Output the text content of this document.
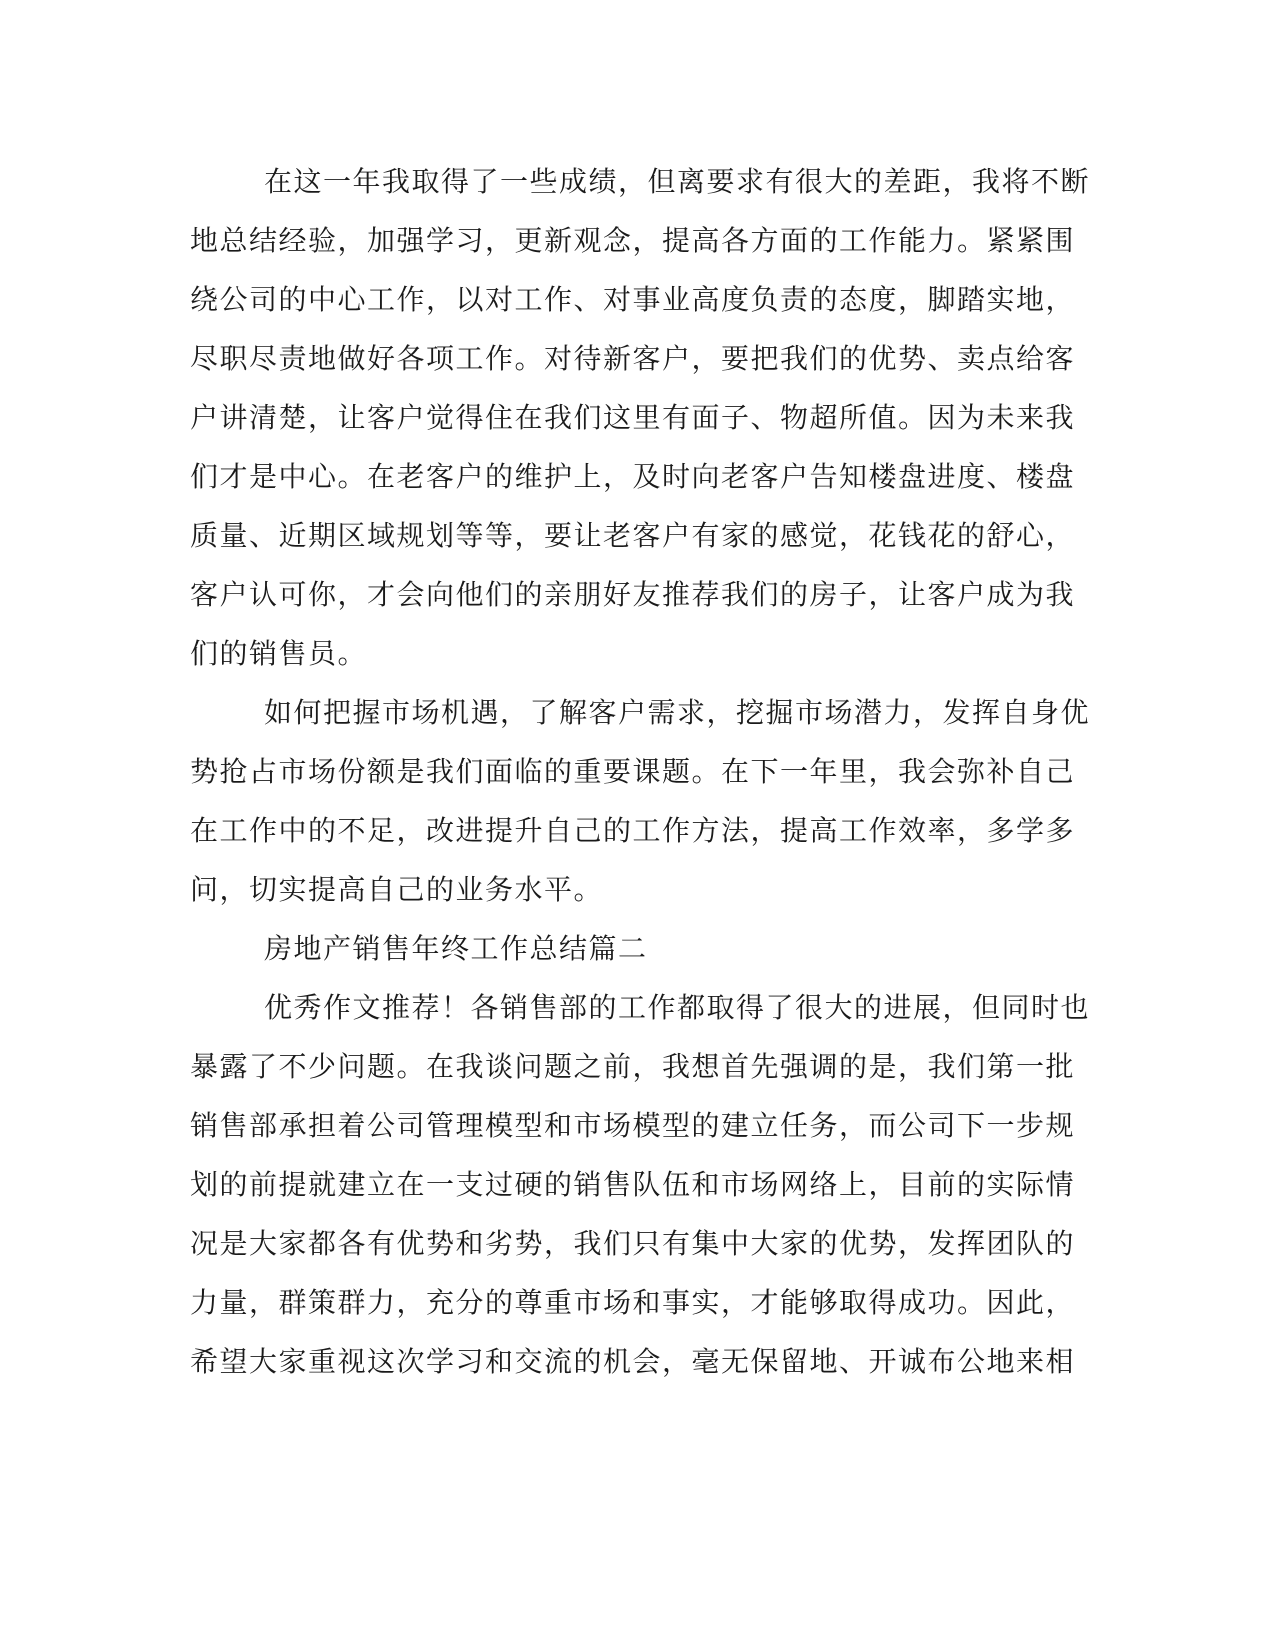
在这一年我取得了一些成绩，但离要求有很大的差距，我将不断
地总结经验，加强学习，更新观念，提高各方面的工作能力。紧紧围
绕公司的中心工作，以对工作、对事业高度负责的态度，脚踏实地，
尽职尽责地做好各项工作。对待新客户，要把我们的优势、卖点给客
户讲清楚，让客户觉得住在我们这里有面子、物超所值。因为未来我
们才是中心。在老客户的维护上，及时向老客户告知楼盘进度、楼盘
质量、近期区域规划等等，要让老客户有家的感觉，花钱花的舒心，
客户认可你，才会向他们的亲朋好友推荐我们的房子，让客户成为我
们的销售员。
如何把握市场机遇，了解客户需求，挖掘市场潜力，发挥自身优
势抢占市场份额是我们面临的重要课题。在下一年里，我会弥补自己
在工作中的不足，改进提升自己的工作方法，提高工作效率，多学多
问，切实提高自己的业务水平。
房地产销售年终工作总结篇二
优秀作文推荐！各销售部的工作都取得了很大的进展，但同时也
暴露了不少问题。在我谈问题之前，我想首先强调的是，我们第一批
销售部承担着公司管理模型和市场模型的建立任务，而公司下一步规
划的前提就建立在一支过硬的销售队伍和市场网络上，目前的实际情
况是大家都各有优势和劣势，我们只有集中大家的优势，发挥团队的
力量，群策群力，充分的尊重市场和事实，才能够取得成功。因此，
希望大家重视这次学习和交流的机会，毫无保留地、开诚布公地来相
